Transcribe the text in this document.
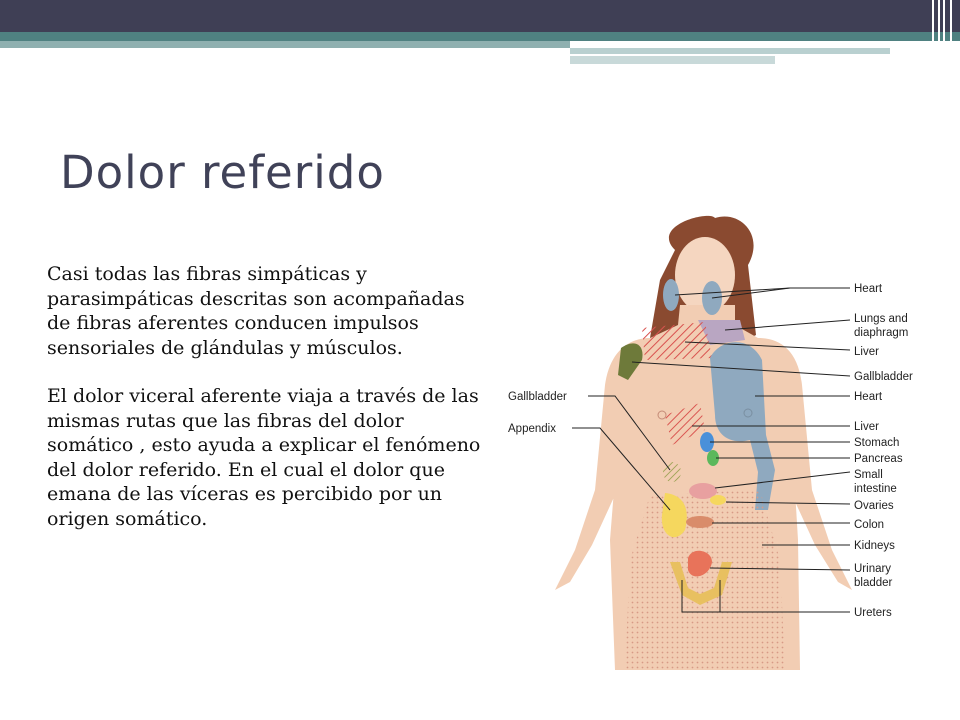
Dolor referido

Casi todas las fibras simpáticas y parasimpáticas descritas son acompañadas de fibras aferentes conducen impulsos sensoriales de glándulas y músculos.

El dolor viceral aferente viaja a través de las mismas rutas que las fibras del dolor somático , esto ayuda a explicar el fenómeno del dolor referido. En el cual el dolor que emana de las víceras es percibido por un origen somático.

Gallbladder
Appendix
Heart
Lungs and
diaphragm
Liver
Gallbladder
Heart
Liver
Stomach
Pancreas
Small
intestine
Ovaries
Colon
Kidneys
Urinary
bladder
Ureters
